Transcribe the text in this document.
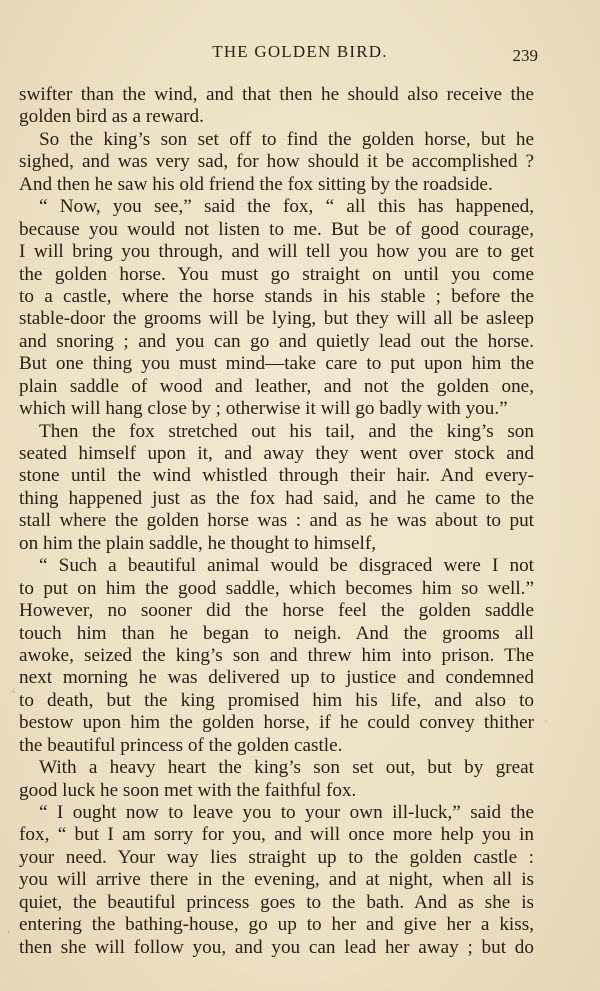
THE GOLDEN BIRD.	239
swifter than the wind, and that then he should also receive the
golden bird as a reward.
So the king’s son set off to find the golden horse, but he
sighed, and was very sad, for how should it be accomplished ?
And then he saw his old friend the fox sitting by the roadside.
“ Now, you see,” said the fox, “ all this has happened,
because you would not listen to me. But be of good courage,
I will bring you through, and will tell you how you are to get
the golden horse. You must go straight on until you come
to a castle, where the horse stands in his stable ; before the
stable-door the grooms will be lying, but they will all be asleep
and snoring ; and you can go and quietly lead out the horse.
But one thing you must mind—take care to put upon him the
plain saddle of wood and leather, and not the golden one,
which will hang close by ; otherwise it will go badly with you.”
Then the fox stretched out his tail, and the king’s son
seated himself upon it, and away they went over stock and
stone until the wind whistled through their hair. And every-
thing happened just as the fox had said, and he came to the
stall where the golden horse was : and as he was about to put
on him the plain saddle, he thought to himself,
“ Such a beautiful animal would be disgraced were I not
to put on him the good saddle, which becomes him so well.”
However, no sooner did the horse feel the golden saddle
touch him than he began to neigh. And the grooms all
awoke, seized the king’s son and threw him into prison. The
next morning he was delivered up to justice and condemned
to death, but the king promised him his life, and also to
bestow upon him the golden horse, if he could convey thither
the beautiful princess of the golden castle.
With a heavy heart the king’s son set out, but by great
good luck he soon met with the faithful fox.
“ I ought now to leave you to your own ill-luck,” said the
fox, “ but I am sorry for you, and will once more help you in
your need. Your way lies straight up to the golden castle :
you will arrive there in the evening, and at night, when all is
quiet, the beautiful princess goes to the bath. And as she is
entering the bathing-house, go up to her and give her a kiss,
then she will follow you, and you can lead her away ; but do
